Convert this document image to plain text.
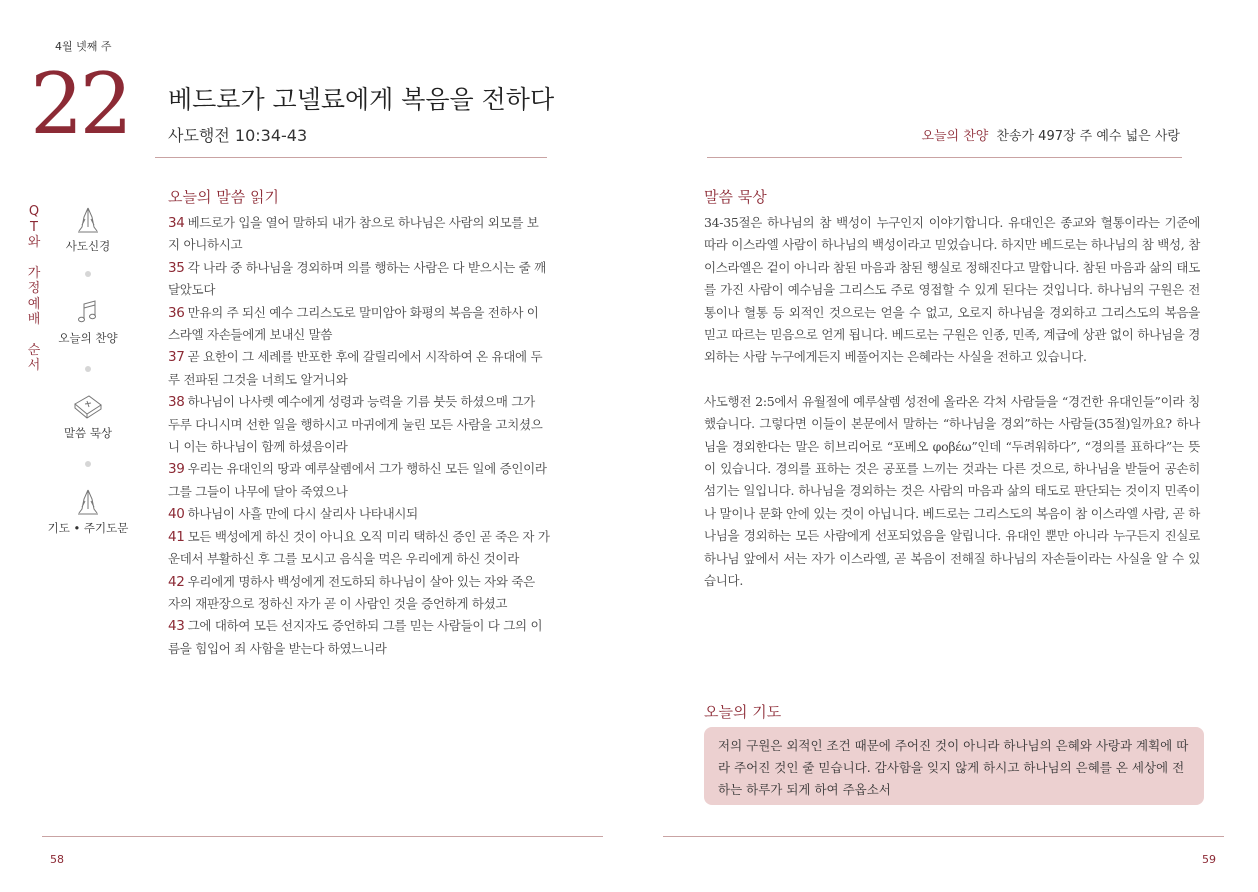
4월 넷째 주
22 베드로가 고넬료에게 복음을 전하다
사도행전 10:34-43	오늘의 찬양 찬송가 497장 주 예수 넓은 사랑
Q
T
와
가
정
예
배
순
서
사도신경
오늘의 찬양
말씀 묵상
기도 • 주기도문
오늘의 말씀 읽기
34 베드로가 입을 열어 말하되 내가 참으로 하나님은 사람의 외모를 보지 아니하시고
35 각 나라 중 하나님을 경외하며 의를 행하는 사람은 다 받으시는 줄 깨달았도다
36 만유의 주 되신 예수 그리스도로 말미암아 화평의 복음을 전하사 이스라엘 자손들에게 보내신 말씀
37 곧 요한이 그 세례를 반포한 후에 갈릴리에서 시작하여 온 유대에 두루 전파된 그것을 너희도 알거니와
38 하나님이 나사렛 예수에게 성령과 능력을 기름 붓듯 하셨으매 그가 두루 다니시며 선한 일을 행하시고 마귀에게 눌린 모든 사람을 고치셨으니 이는 하나님이 함께 하셨음이라
39 우리는 유대인의 땅과 예루살렘에서 그가 행하신 모든 일에 증인이라 그를 그들이 나무에 달아 죽였으나
40 하나님이 사흘 만에 다시 살리사 나타내시되
41 모든 백성에게 하신 것이 아니요 오직 미리 택하신 증인 곧 죽은 자 가운데서 부활하신 후 그를 모시고 음식을 먹은 우리에게 하신 것이라
42 우리에게 명하사 백성에게 전도하되 하나님이 살아 있는 자와 죽은 자의 재판장으로 정하신 자가 곧 이 사람인 것을 증언하게 하셨고
43 그에 대하여 모든 선지자도 증언하되 그를 믿는 사람들이 다 그의 이름을 힘입어 죄 사함을 받는다 하였느니라
말씀 묵상

34-35절은 하나님의 참 백성이 누구인지 이야기합니다. 유대인은 종교와 혈통이라는 기준에 따라 이스라엘 사람이 하나님의 백성이라고 믿었습니다. 하지만 베드로는 하나님의 참 백성, 참 이스라엘은 겉이 아니라 참된 마음과 참된 행실로 정해진다고 말합니다. 참된 마음과 삶의 태도를 가진 사람이 예수님을 그리스도 주로 영접할 수 있게 된다는 것입니다. 하나님의 구원은 전통이나 혈통 등 외적인 것으로는 얻을 수 없고, 오로지 하나님을 경외하고 그리스도의 복음을 믿고 따르는 믿음으로 얻게 됩니다. 베드로는 구원은 인종, 민족, 계급에 상관 없이 하나님을 경외하는 사람 누구에게든지 베풀어지는 은혜라는 사실을 전하고 있습니다.

사도행전 2:5에서 유월절에 예루살렘 성전에 올라온 각처 사람들을 “경건한 유대인들”이라 칭했습니다. 그렇다면 이들이 본문에서 말하는 “하나님을 경외”하는 사람들(35절)일까요? 하나님을 경외한다는 말은 히브리어로 “포베오 φοβέω”인데 “두려워하다”, “경의를 표하다”는 뜻이 있습니다. 경의를 표하는 것은 공포를 느끼는 것과는 다른 것으로, 하나님을 받들어 공손히 섬기는 일입니다. 하나님을 경외하는 것은 사람의 마음과 삶의 태도로 판단되는 것이지 민족이나 말이나 문화 안에 있는 것이 아닙니다. 베드로는 그리스도의 복음이 참 이스라엘 사람, 곧 하나님을 경외하는 모든 사람에게 선포되었음을 알립니다. 유대인 뿐만 아니라 누구든지 진실로 하나님 앞에서 서는 자가 이스라엘, 곧 복음이 전해질 하나님의 자손들이라는 사실을 알 수 있습니다.

오늘의 기도
저의 구원은 외적인 조건 때문에 주어진 것이 아니라 하나님의 은혜와 사랑과 계획에 따라 주어진 것인 줄 믿습니다. 감사함을 잊지 않게 하시고 하나님의 은혜를 온 세상에 전하는 하루가 되게 하여 주옵소서
58	59
